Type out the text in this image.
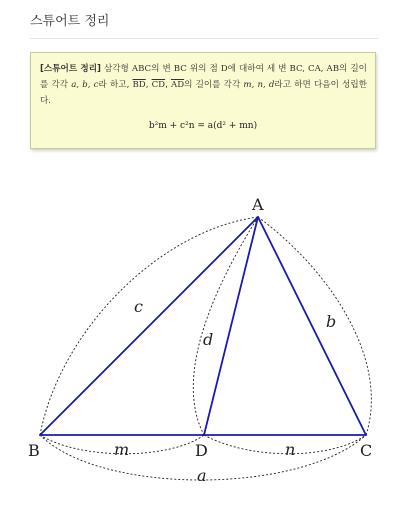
스튜어트 정리

[스튜어트 정리] 삼각형 ABC의 변 BC 위의 점 D에 대하여 세 변 BC, CA, AB의 길이를 각각 a, b, c라 하고, $\overline{BD}$, $\overline{CD}$, $\overline{AD}$의 길이를 각각 m, n, d라고 하면 다음이 성립한다.

b²m + c²n = a(d² + mn)
A
B	C
D
c
b
d
m	n
a
